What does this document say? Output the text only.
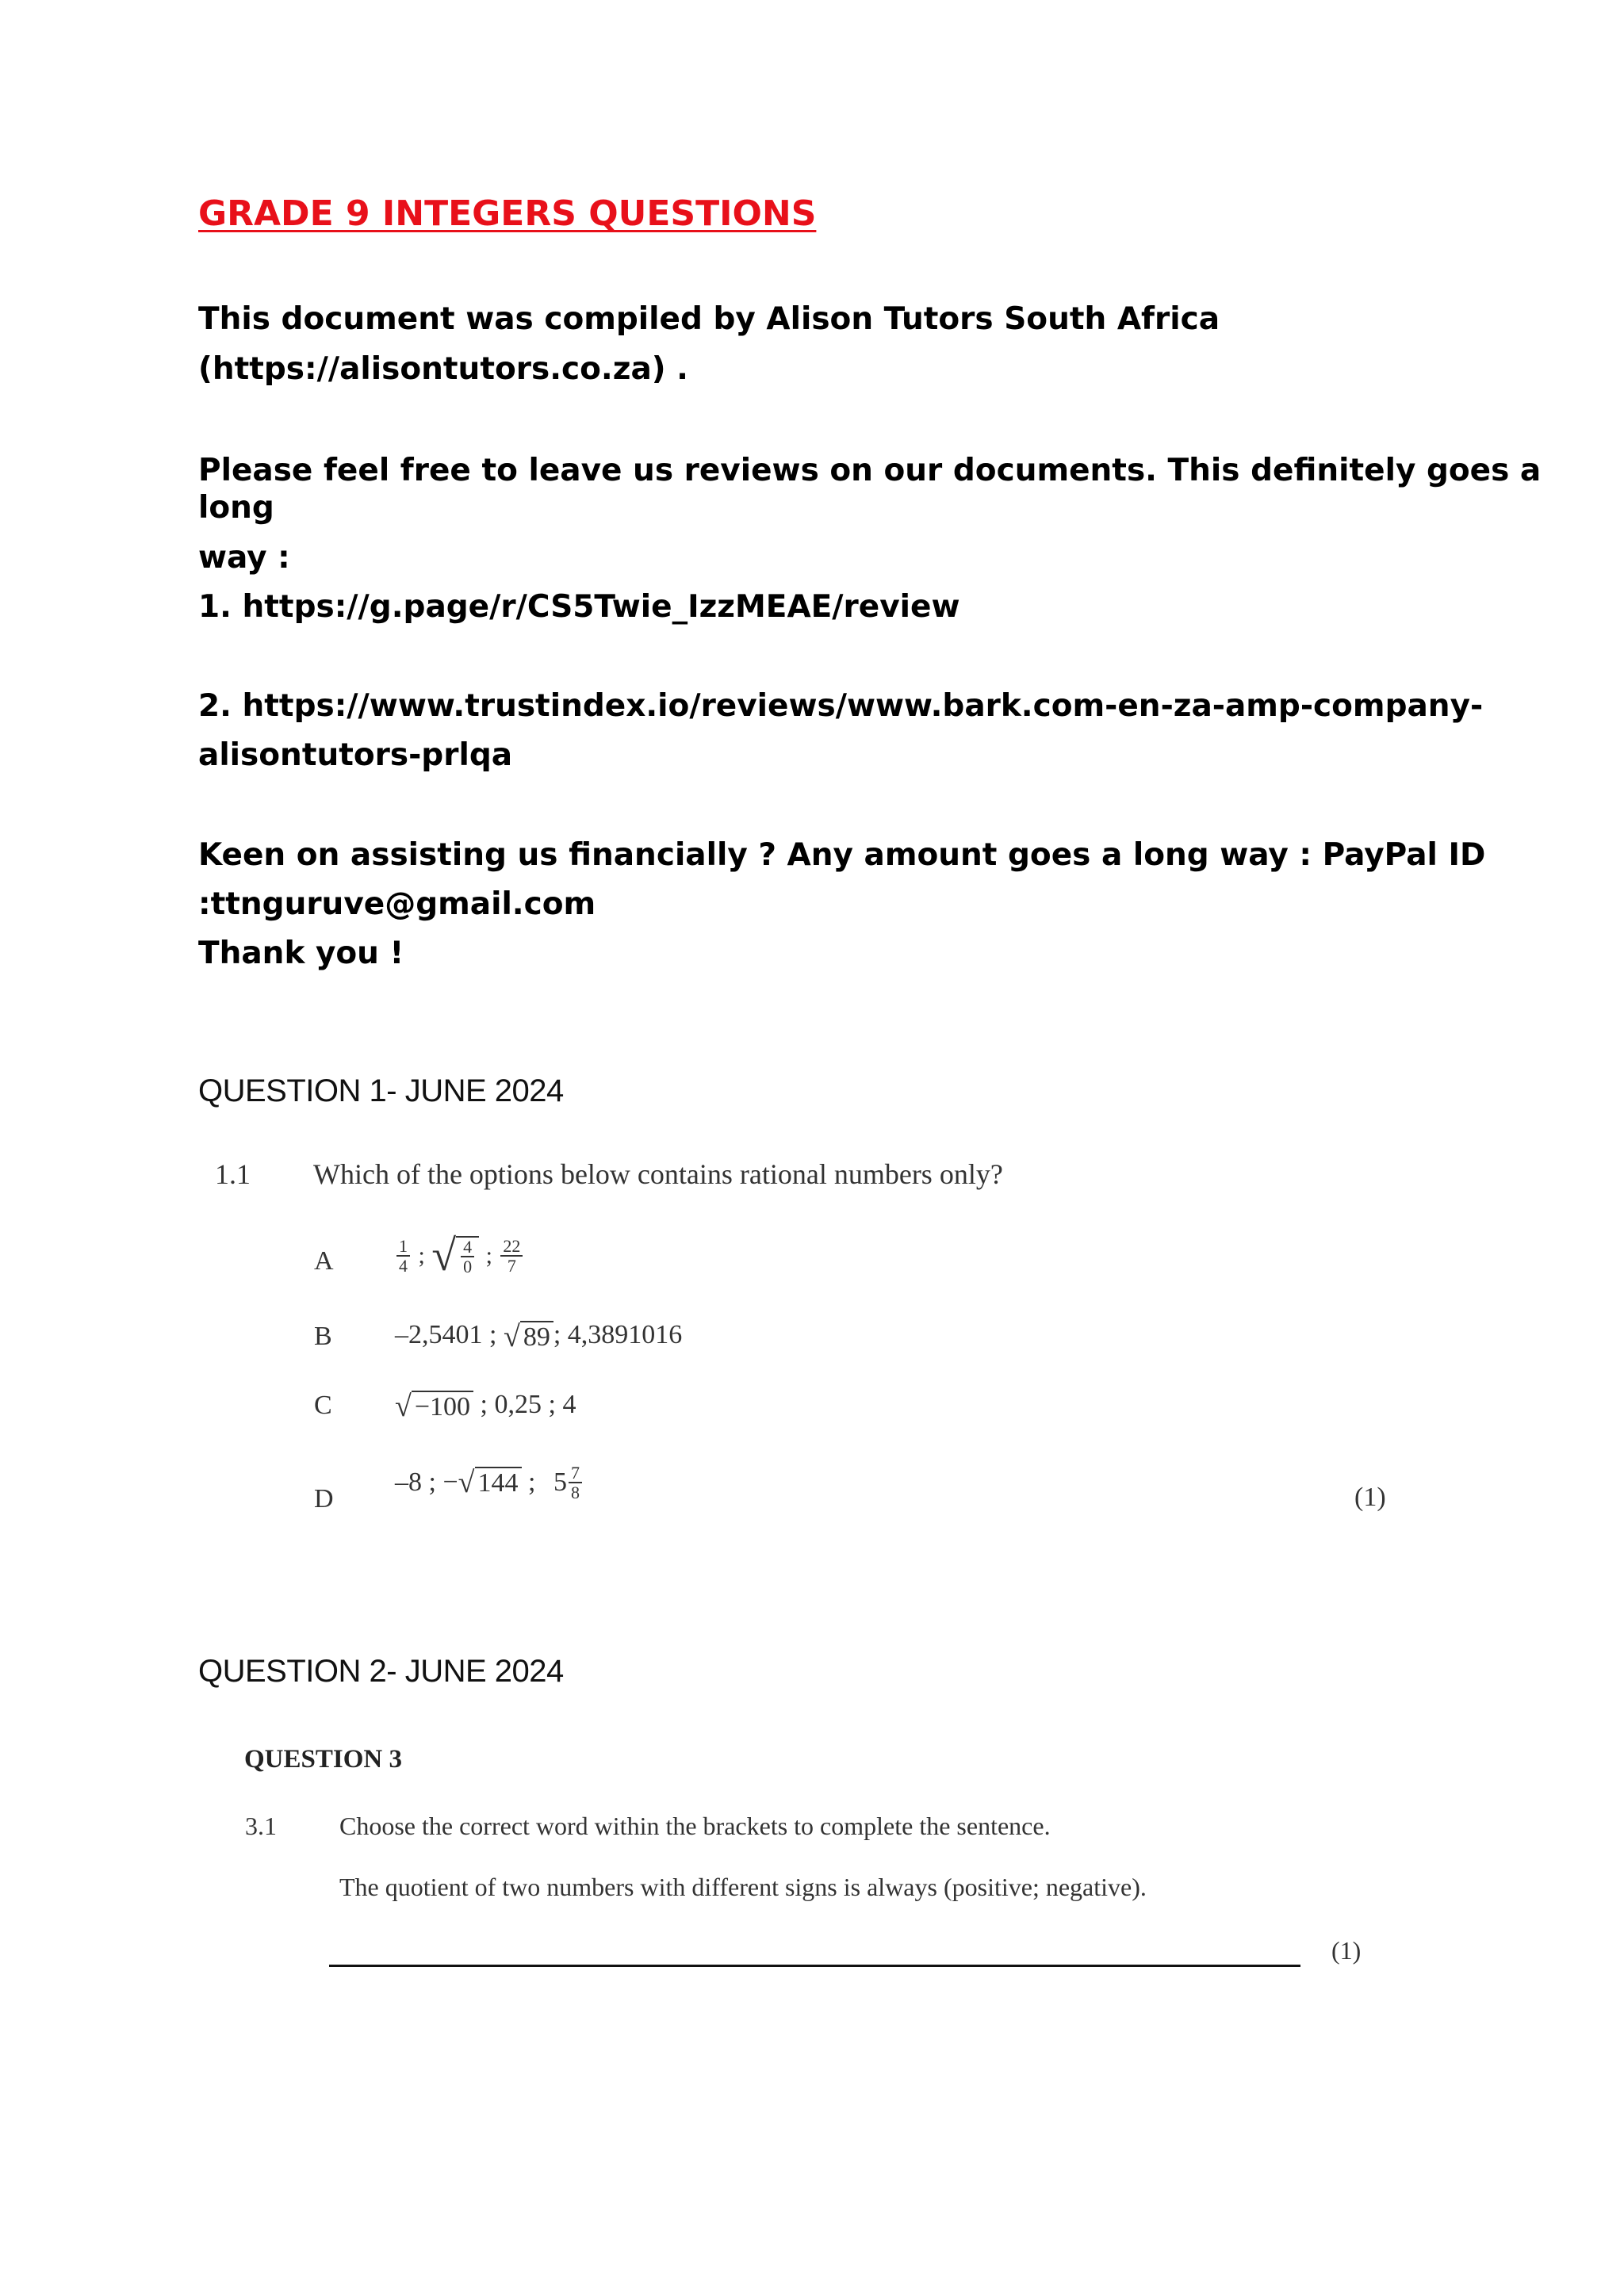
GRADE 9 INTEGERS QUESTIONS
This document was compiled by Alison Tutors South Africa
(https://alisontutors.co.za) .
Please feel free to leave us reviews on our documents. This definitely goes a
long
way :
1. https://g.page/r/CS5Twie_IzzMEAE/review
2. https://www.trustindex.io/reviews/www.bark.com-en-za-amp-company-
alisontutors-prlqa
Keen on assisting us financially ? Any amount goes a long way : PayPal ID
:ttnguruve@gmail.com
Thank you !
QUESTION 1- JUNE 2024
1.1 Which of the options below contains rational numbers only?
A	$\frac{1}{4}$ ; √ $\frac{4}{0}$ ; $\frac{22}{7}$
B –2,5401 ; √ 89 ; 4,3891016
C √ −100 ; 0,25 ; 4
D
–8 ; −√ 144 ; $5 \frac{7}{8}$	(1)
QUESTION 2- JUNE 2024
QUESTION 3
3.1 Choose the correct word within the brackets to complete the sentence.
The quotient of two numbers with different signs is always (positive; negative).
(1)
